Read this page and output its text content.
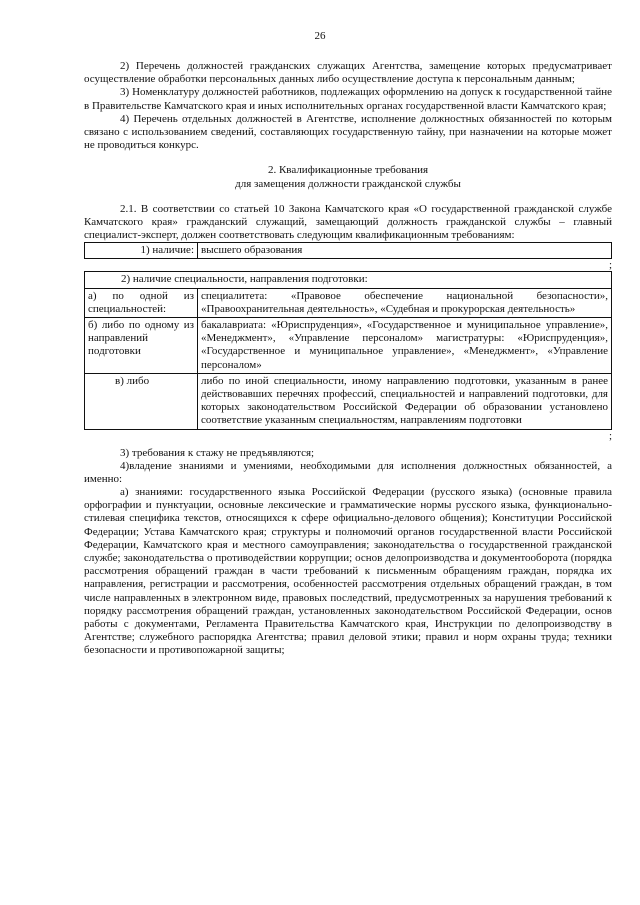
26

2) Перечень должностей гражданских служащих Агентства, замещение которых предусматривает осуществление обработки персональных данных либо осуществление доступа к персональным данным;

3) Номенклатуру должностей работников, подлежащих оформлению на допуск к государственной тайне в Правительстве Камчатского края и иных исполнительных органах государственной власти Камчатского края;

4) Перечень отдельных должностей в Агентстве, исполнение должностных обязанностей по которым связано с использованием сведений, составляющих государственную тайну, при назначении на которые может не проводиться конкурс.

2. Квалификационные требования

для замещения должности гражданской службы

2.1. В соответствии со статьей 10 Закона Камчатского края «О государственной гражданской службе Камчатского края» гражданский служащий, замещающий должность гражданской службы – главный специалист-эксперт, должен соответствовать следующим квалификационным требованиям:

1) наличие:	высшего образования
;
2) наличие специальности, направления подготовки:	
а) по одной из специальностей:	специалитета: «Правовое обеспечение национальной безопасности», «Правоохранительная деятельность», «Судебная и прокурорская деятельность»
б) либо по одному из направлений подготовки	бакалавриата: «Юриспруденция», «Государственное и муниципальное управление», «Менеджмент», «Управление персоналом» магистратуры: «Юриспруденция», «Государственное и муниципальное управление», «Менеджмент», «Управление персоналом»
в) либо	либо по иной специальности, иному направлению подготовки, указанным в ранее действовавших перечнях профессий, специальностей и направлений подготовки, для которых законодательством Российской Федерации об образовании установлено соответствие указанным специальностям, направлениям подготовки
;

3) требования к стажу не предъявляются;

4)владение знаниями и умениями, необходимыми для исполнения должностных обязанностей, а именно:

а) знаниями: государственного языка Российской Федерации (русского языка) (основные правила орфографии и пунктуации, основные лексические и грамматические нормы русского языка, функционально-стилевая специфика текстов, относящихся к сфере официально-делового общения); Конституции Российской Федерации; Устава Камчатского края; структуры и полномочий органов государственной власти Российской Федерации, Камчатского края и местного самоуправления; законодательства о государственной гражданской службе; законодательства о противодействии коррупции; основ делопроизводства и документооборота (порядка рассмотрения обращений граждан в части требований к письменным обращениям граждан, порядка их направления, регистрации и рассмотрения, особенностей рассмотрения отдельных обращений граждан, в том числе направленных в электронном виде, правовых последствий, предусмотренных за нарушения требований к порядку рассмотрения обращений граждан, установленных законодательством Российской Федерации, основ работы с документами, Регламента Правительства Камчатского края, Инструкции по делопроизводству в Агентстве; служебного распорядка Агентства; правил деловой этики; правил и норм охраны труда; техники безопасности и противопожарной защиты;
